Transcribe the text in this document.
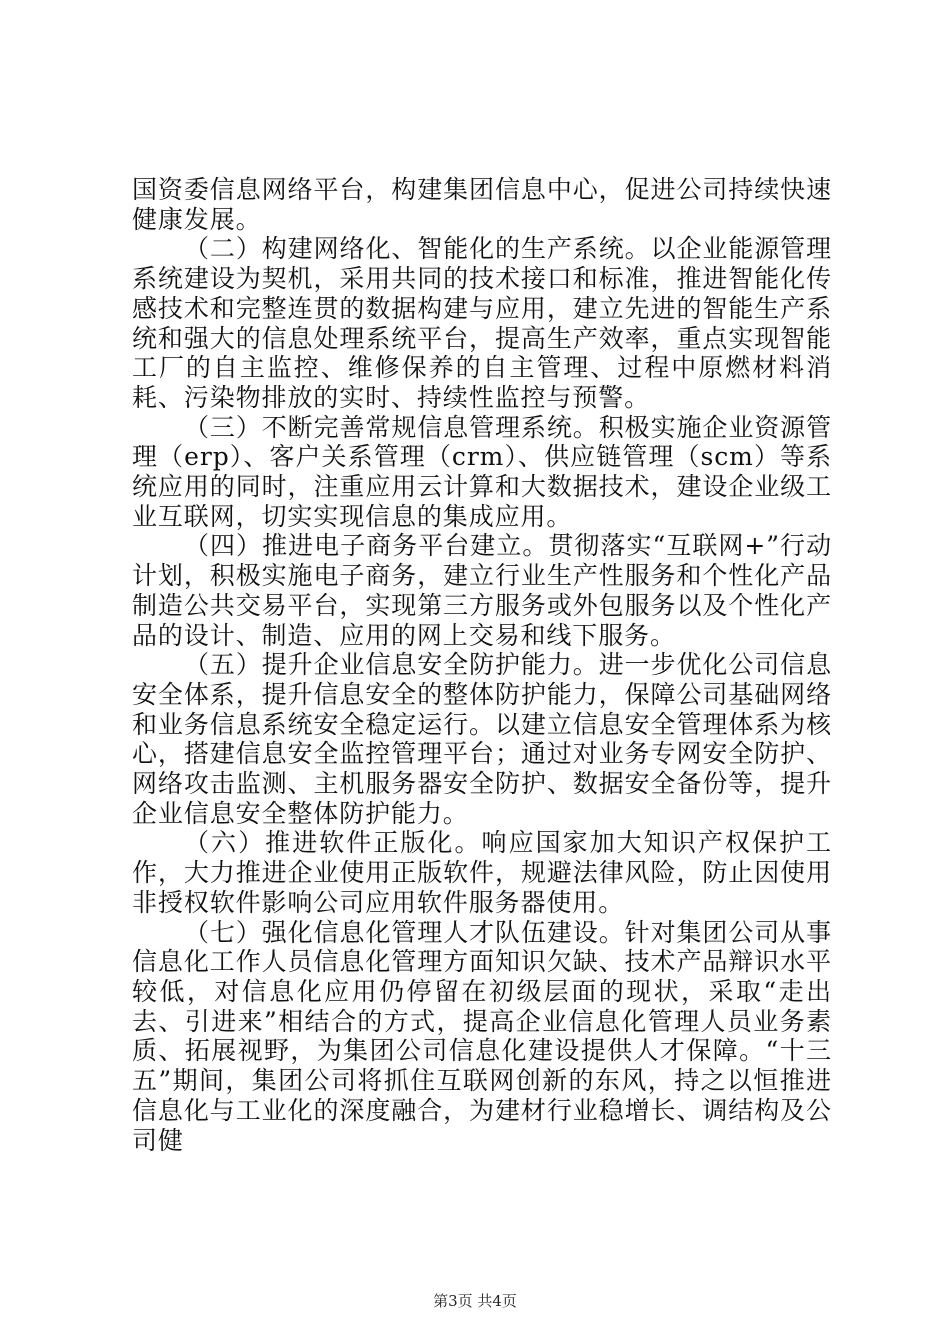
国资委信息网络平台，构建集团信息中心，促进公司持续快速健康发展。

（二）构建网络化、智能化的生产系统。以企业能源管理系统建设为契机，采用共同的技术接口和标准，推进智能化传感技术和完整连贯的数据构建与应用，建立先进的智能生产系统和强大的信息处理系统平台，提高生产效率，重点实现智能工厂的自主监控、维修保养的自主管理、过程中原燃材料消耗、污染物排放的实时、持续性监控与预警。

（三）不断完善常规信息管理系统。积极实施企业资源管理（erp）、客户关系管理（crm）、供应链管理（scm）等系统应用的同时，注重应用云计算和大数据技术，建设企业级工业互联网，切实实现信息的集成应用。

（四）推进电子商务平台建立。贯彻落实“互联网+”行动计划，积极实施电子商务，建立行业生产性服务和个性化产品制造公共交易平台，实现第三方服务或外包服务以及个性化产品的设计、制造、应用的网上交易和线下服务。

（五）提升企业信息安全防护能力。进一步优化公司信息安全体系，提升信息安全的整体防护能力，保障公司基础网络和业务信息系统安全稳定运行。以建立信息安全管理体系为核心，搭建信息安全监控管理平台；通过对业务专网安全防护、网络攻击监测、主机服务器安全防护、数据安全备份等，提升企业信息安全整体防护能力。

（六）推进软件正版化。响应国家加大知识产权保护工作，大力推进企业使用正版软件，规避法律风险，防止因使用非授权软件影响公司应用软件服务器使用。

（七）强化信息化管理人才队伍建设。针对集团公司从事信息化工作人员信息化管理方面知识欠缺、技术产品辩识水平较低，对信息化应用仍停留在初级层面的现状，采取“走出去、引进来”相结合的方式，提高企业信息化管理人员业务素质、拓展视野，为集团公司信息化建设提供人才保障。“十三五”期间，集团公司将抓住互联网创新的东风，持之以恒推进信息化与工业化的深度融合，为建材行业稳增长、调结构及公司健

第3页 共4页
